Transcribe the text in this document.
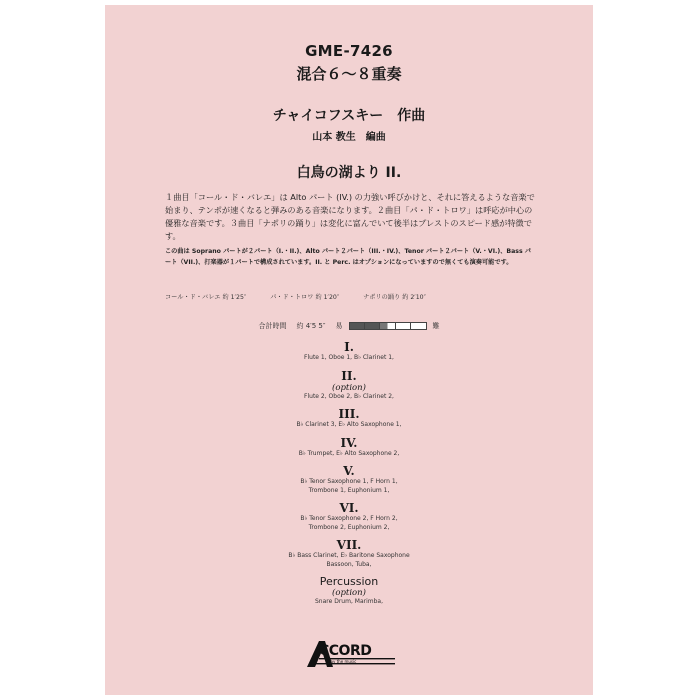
GME-7426
混合６～８重奏
チャイコフスキー　作曲
山本 教生　編曲
白鳥の湖より II.
１曲目「コール・ド・バレエ」は Alto パート (IV.) の力強い呼びかけと、それに答えるような音楽で始まり、テンポが速くなると弾みのある音楽になります。２曲目「パ・ド・トロワ」は呼応が中心の優雅な音楽です。３曲目「ナポリの踊り」は変化に富んでいて後半はプレストのスピード感が特徴です。
この曲は Soprano パートが２パート（I.・II.)、Alto パート２パート（III.・IV.)、Tenor パート２パート（V.・VI.)、Bass パート（VII.)、打楽器が１パートで構成されています。II. と Perc. はオプションになっていますので無くても演奏可能です。
コール・ド・バレエ 約 1′25″	パ・ド・トロワ 約 1′20″	ナポリの踊り 約 2′10″
合計時間 約 4′5 5″ 易	難
I.
Flute 1, Oboe 1, B♭ Clarinet 1,
II.
(option)
Flute 2, Oboe 2, B♭ Clarinet 2,
III.
B♭ Clarinet 3, E♭ Alto Saxophone 1,
IV.
B♭ Trumpet, E♭ Alto Saxophone 2,
V.
B♭ Tenor Saxophone 1, F Horn 1,
Trombone 1, Euphonium 1,
VI.
B♭ Tenor Saxophone 2, F Horn 2,
Trombone 2, Euphonium 2,
VII.
B♭ Bass Clarinet, E♭ Baritone Saxophone
Bassoon, Tuba,
Percussion
(option)
Snare Drum, Marimba,
CCORD
Play the music
